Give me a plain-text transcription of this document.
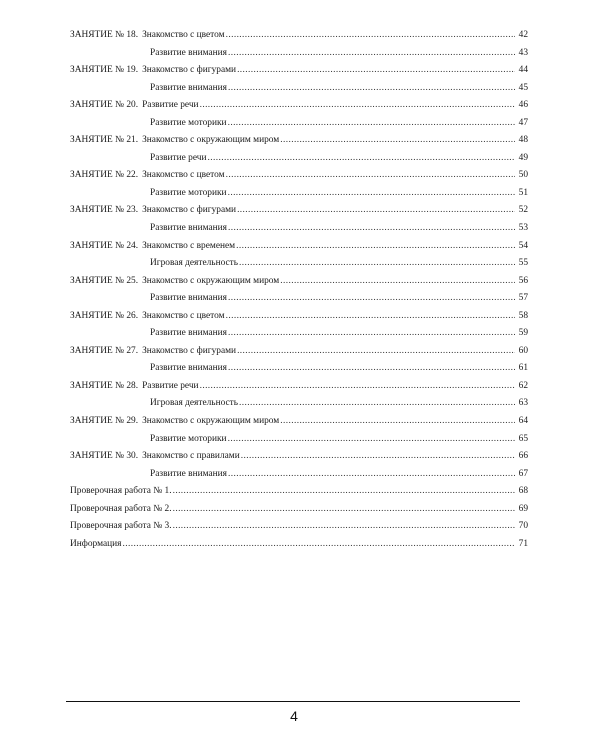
ЗАНЯТИЕ № 18. Знакомство с цветом .....	42
Развитие внимания .....	43
ЗАНЯТИЕ № 19. Знакомство с фигурами .....	44
Развитие внимания .....	45
ЗАНЯТИЕ № 20. Развитие речи .....	46
Развитие моторики .....	47
ЗАНЯТИЕ № 21. Знакомство с окружающим миром .....	48
Развитие речи .....	49
ЗАНЯТИЕ № 22. Знакомство с цветом .....	50
Развитие моторики .....	51
ЗАНЯТИЕ № 23. Знакомство с фигурами .....	52
Развитие внимания .....	53
ЗАНЯТИЕ № 24. Знакомство с временем .....	54
Игровая деятельность .....	55
ЗАНЯТИЕ № 25. Знакомство с окружающим миром .....	56
Развитие внимания .....	57
ЗАНЯТИЕ № 26. Знакомство с цветом .....	58
Развитие внимания .....	59
ЗАНЯТИЕ № 27. Знакомство с фигурами .....	60
Развитие внимания .....	61
ЗАНЯТИЕ № 28. Развитие речи .....	62
Игровая деятельность .....	63
ЗАНЯТИЕ № 29. Знакомство с окружающим миром .....	64
Развитие моторики .....	65
ЗАНЯТИЕ № 30. Знакомство с правилами .....	66
Развитие внимания .....	67
Проверочная работа № 1. .....	68
Проверочная работа № 2. .....	69
Проверочная работа № 3. .....	70
Информация .....	71
4
